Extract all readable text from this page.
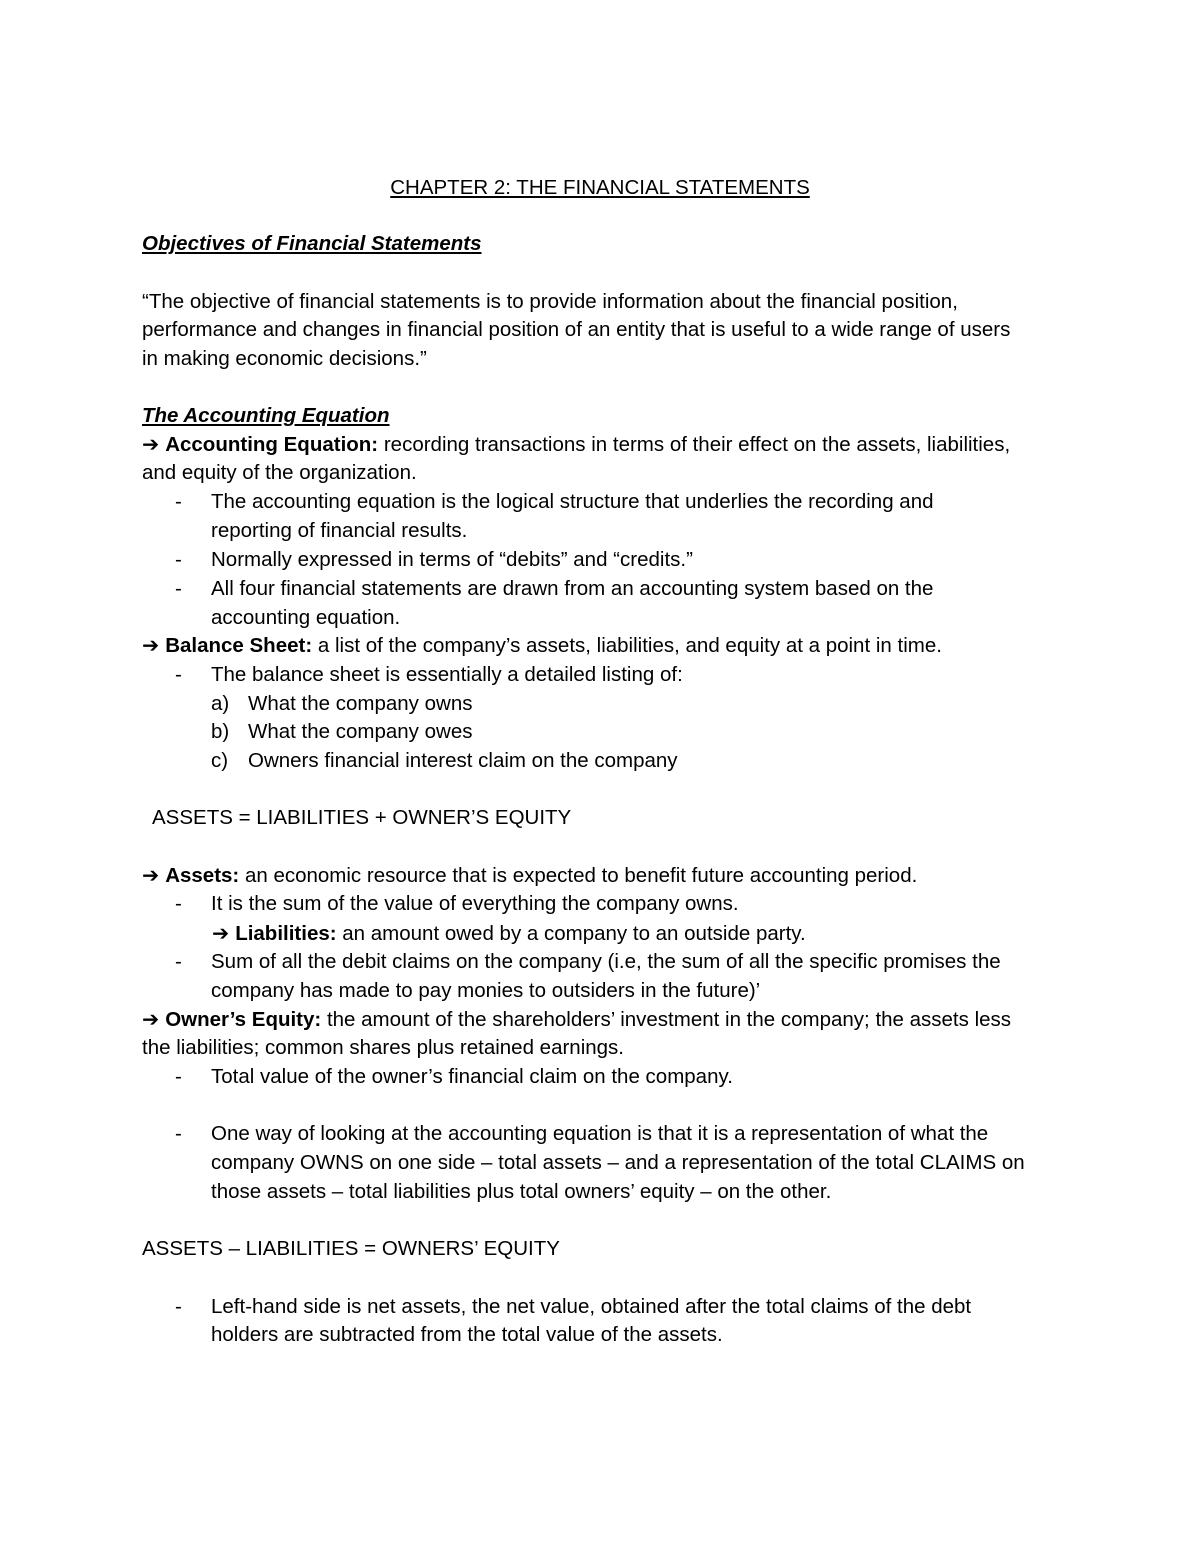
CHAPTER 2: THE FINANCIAL STATEMENTS
Objectives of Financial Statements
“The objective of financial statements is to provide information about the financial position,
performance and changes in financial position of an entity that is useful to a wide range of users
in making economic decisions.”
The Accounting Equation
➔ Accounting Equation: recording transactions in terms of their effect on the assets, liabilities,
and equity of the organization.
- The accounting equation is the logical structure that underlies the recording and
reporting of financial results.
- Normally expressed in terms of “debits” and “credits.”
- All four financial statements are drawn from an accounting system based on the
accounting equation.
➔ Balance Sheet: a list of the company’s assets, liabilities, and equity at a point in time.
- The balance sheet is essentially a detailed listing of:
a) What the company owns
b) What the company owes
c) Owners financial interest claim on the company
ASSETS = LIABILITIES + OWNER’S EQUITY
➔ Assets: an economic resource that is expected to benefit future accounting period.
- It is the sum of the value of everything the company owns.
➔ Liabilities: an amount owed by a company to an outside party.
- Sum of all the debit claims on the company (i.e, the sum of all the specific promises the
company has made to pay monies to outsiders in the future)’
➔ Owner’s Equity: the amount of the shareholders’ investment in the company; the assets less
the liabilities; common shares plus retained earnings.
- Total value of the owner’s financial claim on the company.
- One way of looking at the accounting equation is that it is a representation of what the
company OWNS on one side – total assets – and a representation of the total CLAIMS on
those assets – total liabilities plus total owners’ equity – on the other.
ASSETS – LIABILITIES = OWNERS’ EQUITY
- Left-hand side is net assets, the net value, obtained after the total claims of the debt
holders are subtracted from the total value of the assets.
